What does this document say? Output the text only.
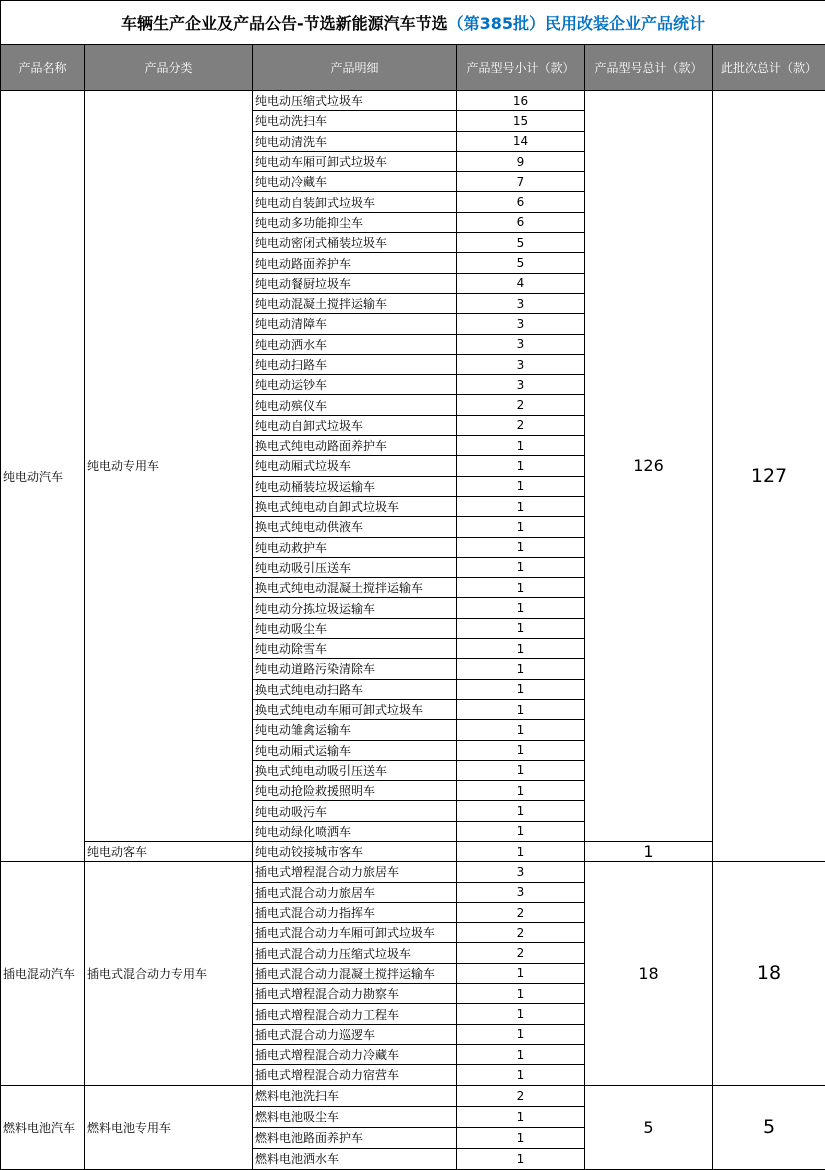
车辆生产企业及产品公告-节选新能源汽车节选（第385批）民用改装企业产品统计					
产品名称	产品分类	产品明细	产品型号小计（款）	产品型号总计（款）	此批次总计（款）
纯电动汽车	纯电动专用车	纯电动压缩式垃圾车	16	126	127
		纯电动洗扫车	15		
		纯电动清洗车	14		
		纯电动车厢可卸式垃圾车	9		
		纯电动冷藏车	7		
		纯电动自装卸式垃圾车	6		
		纯电动多功能抑尘车	6		
		纯电动密闭式桶装垃圾车	5		
		纯电动路面养护车	5		
		纯电动餐厨垃圾车	4		
		纯电动混凝土搅拌运输车	3		
		纯电动清障车	3		
		纯电动洒水车	3		
		纯电动扫路车	3		
		纯电动运钞车	3		
		纯电动殡仪车	2		
		纯电动自卸式垃圾车	2		
		换电式纯电动路面养护车	1		
		纯电动厢式垃圾车	1		
		纯电动桶装垃圾运输车	1		
		换电式纯电动自卸式垃圾车	1		
		换电式纯电动供液车	1		
		纯电动救护车	1		
		纯电动吸引压送车	1		
		换电式纯电动混凝土搅拌运输车	1		
		纯电动分拣垃圾运输车	1		
		纯电动吸尘车	1		
		纯电动除雪车	1		
		纯电动道路污染清除车	1		
		换电式纯电动扫路车	1		
		换电式纯电动车厢可卸式垃圾车	1		
		纯电动雏禽运输车	1		
		纯电动厢式运输车	1		
		换电式纯电动吸引压送车	1		
		纯电动抢险救援照明车	1		
		纯电动吸污车	1		
		纯电动绿化喷洒车	1		
	纯电动客车	纯电动铰接城市客车	1	1	
插电混动汽车	插电式混合动力专用车	插电式增程混合动力旅居车	3	18	18
		插电式混合动力旅居车	3		
		插电式混合动力指挥车	2		
		插电式混合动力车厢可卸式垃圾车	2		
		插电式混合动力压缩式垃圾车	2		
		插电式混合动力混凝土搅拌运输车	1		
		插电式增程混合动力勘察车	1		
		插电式增程混合动力工程车	1		
		插电式混合动力巡逻车	1		
		插电式增程混合动力冷藏车	1		
		插电式增程混合动力宿营车	1		
燃料电池汽车	燃料电池专用车	燃料电池洗扫车	2	5	5
		燃料电池吸尘车	1		
		燃料电池路面养护车	1		
		燃料电池洒水车	1		
